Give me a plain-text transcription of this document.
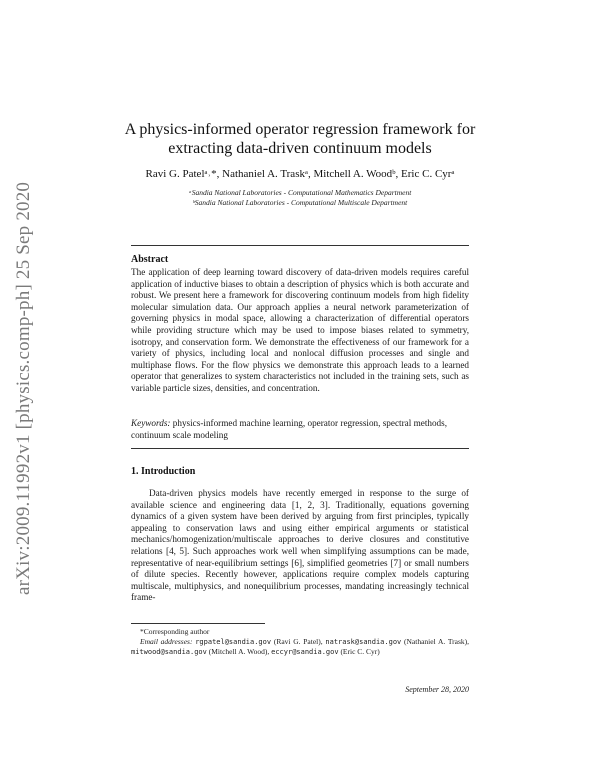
arXiv:2009.11992v1 [physics.comp-ph] 25 Sep 2020
A physics-informed operator regression framework for
extracting data-driven continuum models
Ravi G. Patelᵃ˒*, Nathaniel A. Traskᵃ, Mitchell A. Woodᵇ, Eric C. Cyrᵃ
ᵃSandia National Laboratories - Computational Mathematics Department
ᵇSandia National Laboratories - Computational Multiscale Department
Abstract
The application of deep learning toward discovery of data-driven models requires careful application of inductive biases to obtain a description of physics which is both accurate and robust. We present here a framework for discovering continuum models from high fidelity molecular simulation data. Our approach applies a neural network parameterization of governing physics in modal space, allowing a characterization of differential operators while providing structure which may be used to impose biases related to symmetry, isotropy, and conservation form. We demonstrate the effectiveness of our framework for a variety of physics, including local and nonlocal diffusion processes and single and multiphase flows. For the flow physics we demonstrate this approach leads to a learned operator that generalizes to system characteristics not included in the training sets, such as variable particle sizes, densities, and concentration.
Keywords: physics-informed machine learning, operator regression, spectral methods, continuum scale modeling
1. Introduction
Data-driven physics models have recently emerged in response to the surge of available science and engineering data [1, 2, 3]. Traditionally, equations governing dynamics of a given system have been derived by arguing from first principles, typically appealing to conservation laws and using either empirical arguments or statistical mechanics/homogenization/multiscale approaches to derive closures and constitutive relations [4, 5]. Such approaches work well when simplifying assumptions can be made, representative of near-equilibrium settings [6], simplified geometries [7] or small numbers of dilute species. Recently however, applications require complex models capturing multiscale, multiphysics, and nonequilibrium processes, mandating increasingly technical frame-
*Corresponding author
Email addresses: rgpatel@sandia.gov (Ravi G. Patel), natrask@sandia.gov (Nathaniel A. Trask), mitwood@sandia.gov (Mitchell A. Wood), eccyr@sandia.gov (Eric C. Cyr)
September 28, 2020
